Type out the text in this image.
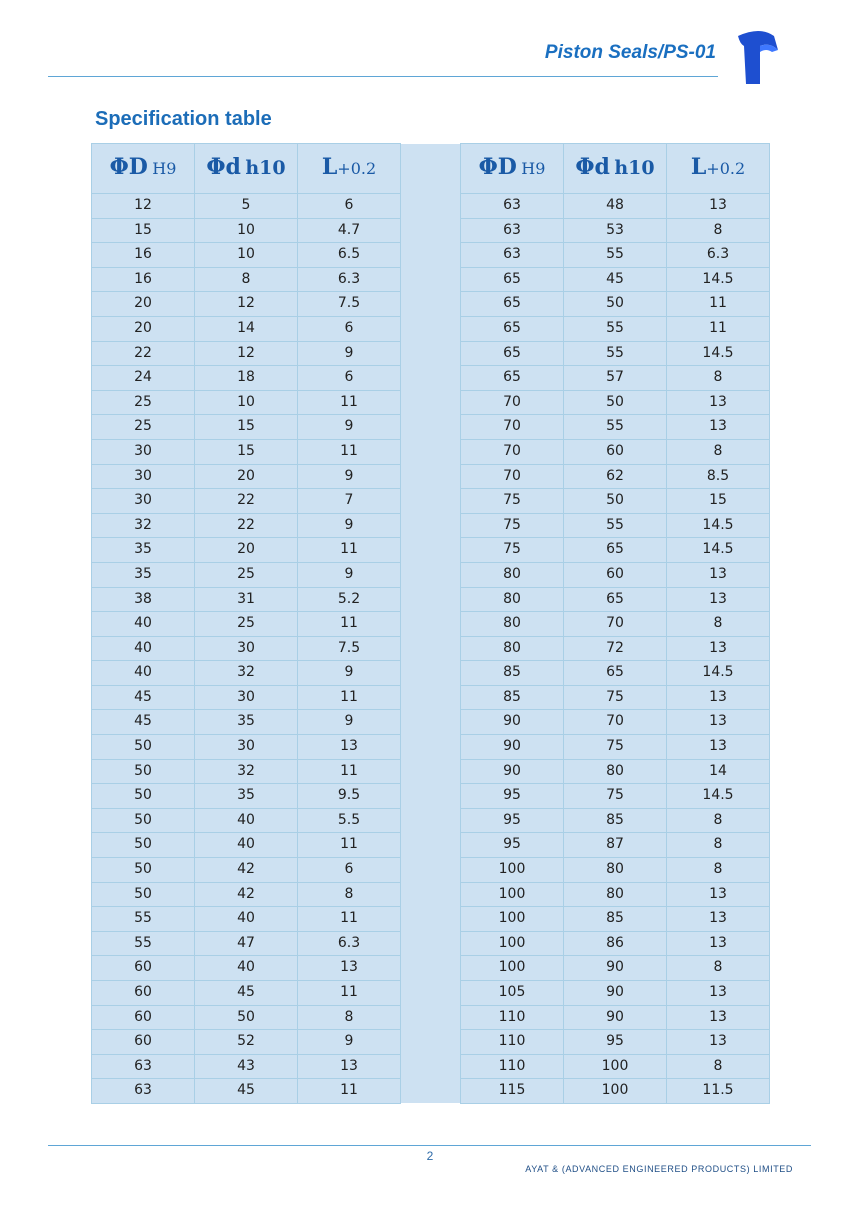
Piston Seals/PS-01
Specification table
ΦD H9	Φd h10	L+0.2		ΦD H9	Φd h10	L+0.2
12	5	6		63	48	13
15	10	4.7		63	53	8
16	10	6.5		63	55	6.3
16	8	6.3		65	45	14.5
20	12	7.5		65	50	11
20	14	6		65	55	11
22	12	9		65	55	14.5
24	18	6		65	57	8
25	10	11		70	50	13
25	15	9		70	55	13
30	15	11		70	60	8
30	20	9		70	62	8.5
30	22	7		75	50	15
32	22	9		75	55	14.5
35	20	11		75	65	14.5
35	25	9		80	60	13
38	31	5.2		80	65	13
40	25	11		80	70	8
40	30	7.5		80	72	13
40	32	9		85	65	14.5
45	30	11		85	75	13
45	35	9		90	70	13
50	30	13		90	75	13
50	32	11		90	80	14
50	35	9.5		95	75	14.5
50	40	5.5		95	85	8
50	40	11		95	87	8
50	42	6		100	80	8
50	42	8		100	80	13
55	40	11		100	85	13
55	47	6.3		100	86	13
60	40	13		100	90	8
60	45	11		105	90	13
60	50	8		110	90	13
60	52	9		110	95	13
63	43	13		110	100	8
63	45	11		115	100	11.5
2
AYAT & (ADVANCED ENGINEERED PRODUCTS) LIMITED
